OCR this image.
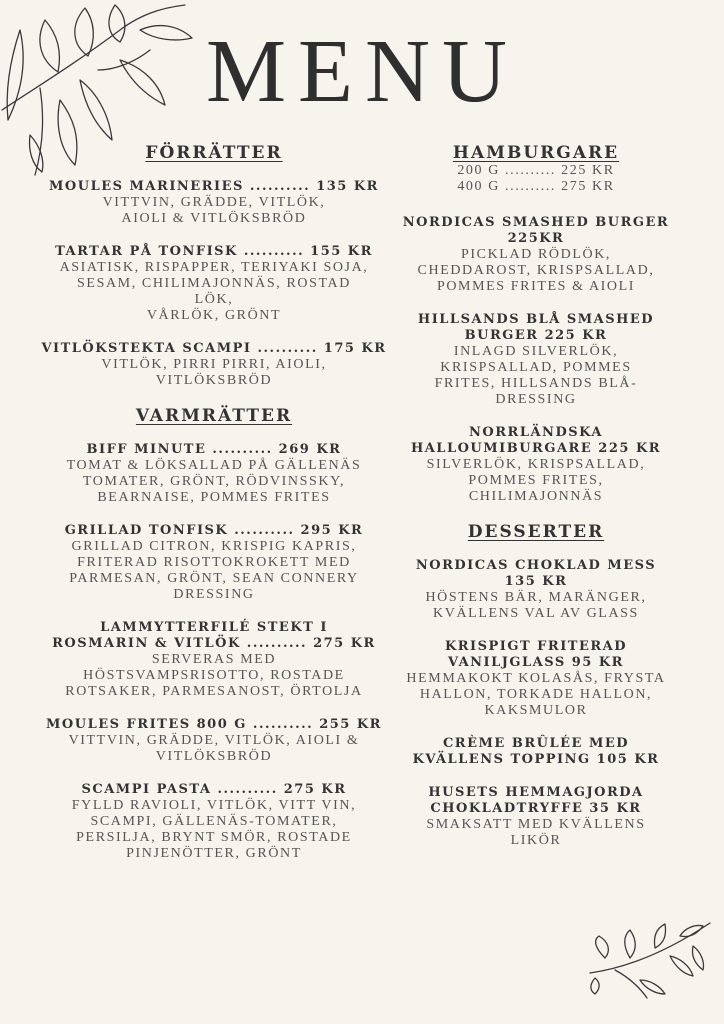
MENU
FÖRRÄTTER
MOULES MARINERIES .......... 135 KR
VITTVIN, GRÄDDE, VITLÖK,
AIOLI & VITLÖKSBRÖD
TARTAR PÅ TONFISK .......... 155 KR
ASIATISK, RISPAPPER, TERIYAKI SOJA,
SESAM, CHILIMAJONNÄS, ROSTAD
LÖK,
VÅRLÖK, GRÖNT
VITLÖKSTEKTA SCAMPI .......... 175 KR
VITLÖK, PIRRI PIRRI, AIOLI,
VITLÖKSBRÖD
VARMRÄTTER
BIFF MINUTE .......... 269 KR
TOMAT & LÖKSALLAD PÅ GÄLLENÄS
TOMATER, GRÖNT, RÖDVINSSKY,
BEARNAISE, POMMES FRITES
GRILLAD TONFISK .......... 295 KR
GRILLAD CITRON, KRISPIG KAPRIS,
FRITERAD RISOTTOKROKETT MED
PARMESAN, GRÖNT, SEAN CONNERY
DRESSING
LAMMYTTERFILÉ STEKT I
ROSMARIN & VITLÖK .......... 275 KR
SERVERAS MED
HÖSTSVAMPSRISOTTO, ROSTADE
ROTSAKER, PARMESANOST, ÖRTOLJA
MOULES FRITES 800 G .......... 255 KR
VITTVIN, GRÄDDE, VITLÖK, AIOLI &
VITLÖKSBRÖD
SCAMPI PASTA .......... 275 KR
FYLLD RAVIOLI, VITLÖK, VITT VIN,
SCAMPI, GÄLLENÄS-TOMATER,
PERSILJA, BRYNT SMÖR, ROSTADE
PINJENÖTTER, GRÖNT
HAMBURGARE
200 G .......... 225 KR
400 G .......... 275 KR
NORDICAS SMASHED BURGER
225KR
PICKLAD RÖDLÖK,
CHEDDAROST, KRISPSALLAD,
POMMES FRITES & AIOLI
HILLSANDS BLÅ SMASHED
BURGER 225 KR
INLAGD SILVERLÖK,
KRISPSALLAD, POMMES
FRITES, HILLSANDS BLÅ-
DRESSING
NORRLÄNDSKA
HALLOUMIBURGARE 225 KR
SILVERLÖK, KRISPSALLAD,
POMMES FRITES,
CHILIMAJONNÄS
DESSERTER
NORDICAS CHOKLAD MESS
135 KR
HÖSTENS BÄR, MARÄNGER,
KVÄLLENS VAL AV GLASS
KRISPIGT FRITERAD
VANILJGLASS 95 KR
HEMMAKOKT KOLASÅS, FRYSTA
HALLON, TORKADE HALLON,
KAKSMULOR
CRÈME BRÛLÉE MED
KVÄLLENS TOPPING 105 KR
HUSETS HEMMAGJORDA
CHOKLADTRYFFE 35 KR
SMAKSATT MED KVÄLLENS
LIKÖR
